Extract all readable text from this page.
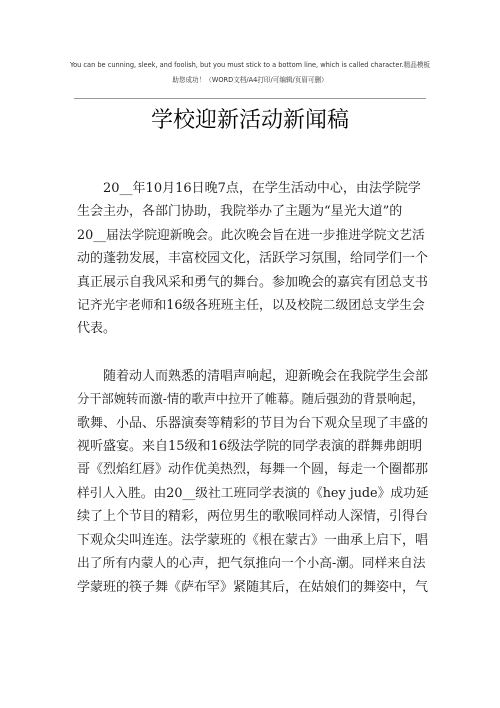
You can be cunning, sleek, and foolish, but you must stick to a bottom line, which is called character.精品模板
助您成功！（WORD文档/A4打印/可编辑/页眉可删）
学校迎新活动新闻稿
　　20__年10月16日晚7点，在学生活动中心，由法学院学
生会主办，各部门协助，我院举办了主题为“星光大道”的
20__届法学院迎新晚会。此次晚会旨在进一步推进学院文艺活
动的蓬勃发展，丰富校园文化，活跃学习氛围，给同学们一个
真正展示自我风采和勇气的舞台。参加晚会的嘉宾有团总支书
记齐光宇老师和16级各班班主任，以及校院二级团总支学生会
代表。
　　随着动人而熟悉的清唱声响起，迎新晚会在我院学生会部
分干部婉转而激-情的歌声中拉开了帷幕。随后强劲的背景响起，
歌舞、小品、乐器演奏等精彩的节目为台下观众呈现了丰盛的
视听盛宴。来自15级和16级法学院的同学表演的群舞弗朗明
哥《烈焰红唇》动作优美热烈，每舞一个圆，每走一个圈都那
样引人入胜。由20__级社工班同学表演的《hey jude》成功延
续了上个节目的精彩，两位男生的歌喉同样动人深情，引得台
下观众尖叫连连。法学蒙班的《根在蒙古》一曲承上启下，唱
出了所有内蒙人的心声，把气氛推向一个小高-潮。同样来自法
学蒙班的筷子舞《萨布罕》紧随其后，在姑娘们的舞姿中，气
